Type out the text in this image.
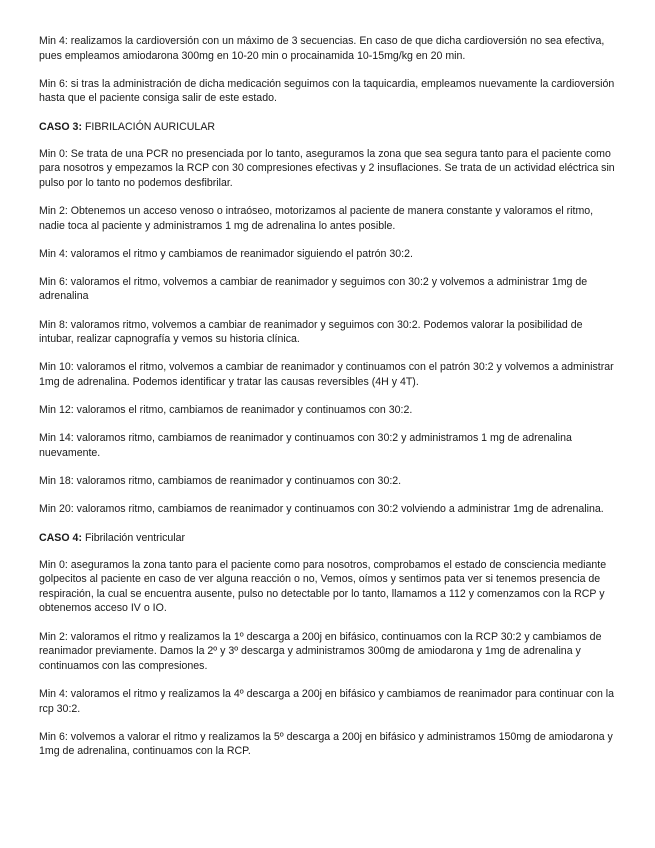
Min 4: realizamos la cardioversión con un máximo de 3 secuencias. En caso de que dicha cardioversión no sea efectiva, pues empleamos amiodarona 300mg en 10-20 min o procainamida 10-15mg/kg en 20 min.

Min 6: si tras la administración de dicha medicación seguimos con la taquicardia, empleamos nuevamente la cardioversión hasta que el paciente consiga salir de este estado.

CASO 3: FIBRILACIÓN AURICULAR

Min 0: Se trata de una PCR no presenciada por lo tanto, aseguramos la zona que sea segura tanto para el paciente como para nosotros y empezamos la RCP con 30 compresiones efectivas y 2 insuflaciones. Se trata de un actividad eléctrica sin pulso por lo tanto no podemos desfibrilar.

Min 2: Obtenemos un acceso venoso o intraóseo, motorizamos al paciente de manera constante y valoramos el ritmo, nadie toca al paciente y administramos 1 mg de adrenalina lo antes posible.

Min 4: valoramos el ritmo y cambiamos de reanimador siguiendo el patrón 30:2.

Min 6: valoramos el ritmo, volvemos a cambiar de reanimador y seguimos con 30:2 y volvemos a administrar 1mg de adrenalina

Min 8: valoramos ritmo, volvemos a cambiar de reanimador y seguimos con 30:2. Podemos valorar la posibilidad de intubar, realizar capnografía y vemos su historia clínica.

Min 10: valoramos el ritmo, volvemos a cambiar de reanimador y continuamos con el patrón 30:2 y volvemos a administrar 1mg de adrenalina. Podemos identificar y tratar las causas reversibles (4H y 4T).

Min 12: valoramos el ritmo, cambiamos de reanimador y continuamos con 30:2.

Min 14: valoramos ritmo, cambiamos de reanimador y continuamos con 30:2 y administramos 1 mg de adrenalina nuevamente.

Min 18: valoramos ritmo, cambiamos de reanimador y continuamos con 30:2.

Min 20: valoramos ritmo, cambiamos de reanimador y continuamos con 30:2 volviendo a administrar 1mg de adrenalina.

CASO 4: Fibrilación ventricular

Min 0: aseguramos la zona tanto para el paciente como para nosotros, comprobamos el estado de consciencia mediante golpecitos al paciente en caso de ver alguna reacción o no, Vemos, oímos y sentimos pata ver si tenemos presencia de respiración, la cual se encuentra ausente, pulso no detectable por lo tanto, llamamos a 112 y comenzamos con la RCP y obtenemos acceso IV o IO.

Min 2: valoramos el ritmo y realizamos la 1º descarga a 200j en bifásico, continuamos con la RCP 30:2 y cambiamos de reanimador previamente. Damos la 2º y 3º descarga y administramos 300mg de amiodarona y 1mg de adrenalina y continuamos con las compresiones.

Min 4: valoramos el ritmo y realizamos la 4º descarga a 200j en bifásico y cambiamos de reanimador para continuar con la rcp 30:2.

Min 6: volvemos a valorar el ritmo y realizamos la 5º descarga a 200j en bifásico y administramos 150mg de amiodarona y 1mg de adrenalina, continuamos con la RCP.
